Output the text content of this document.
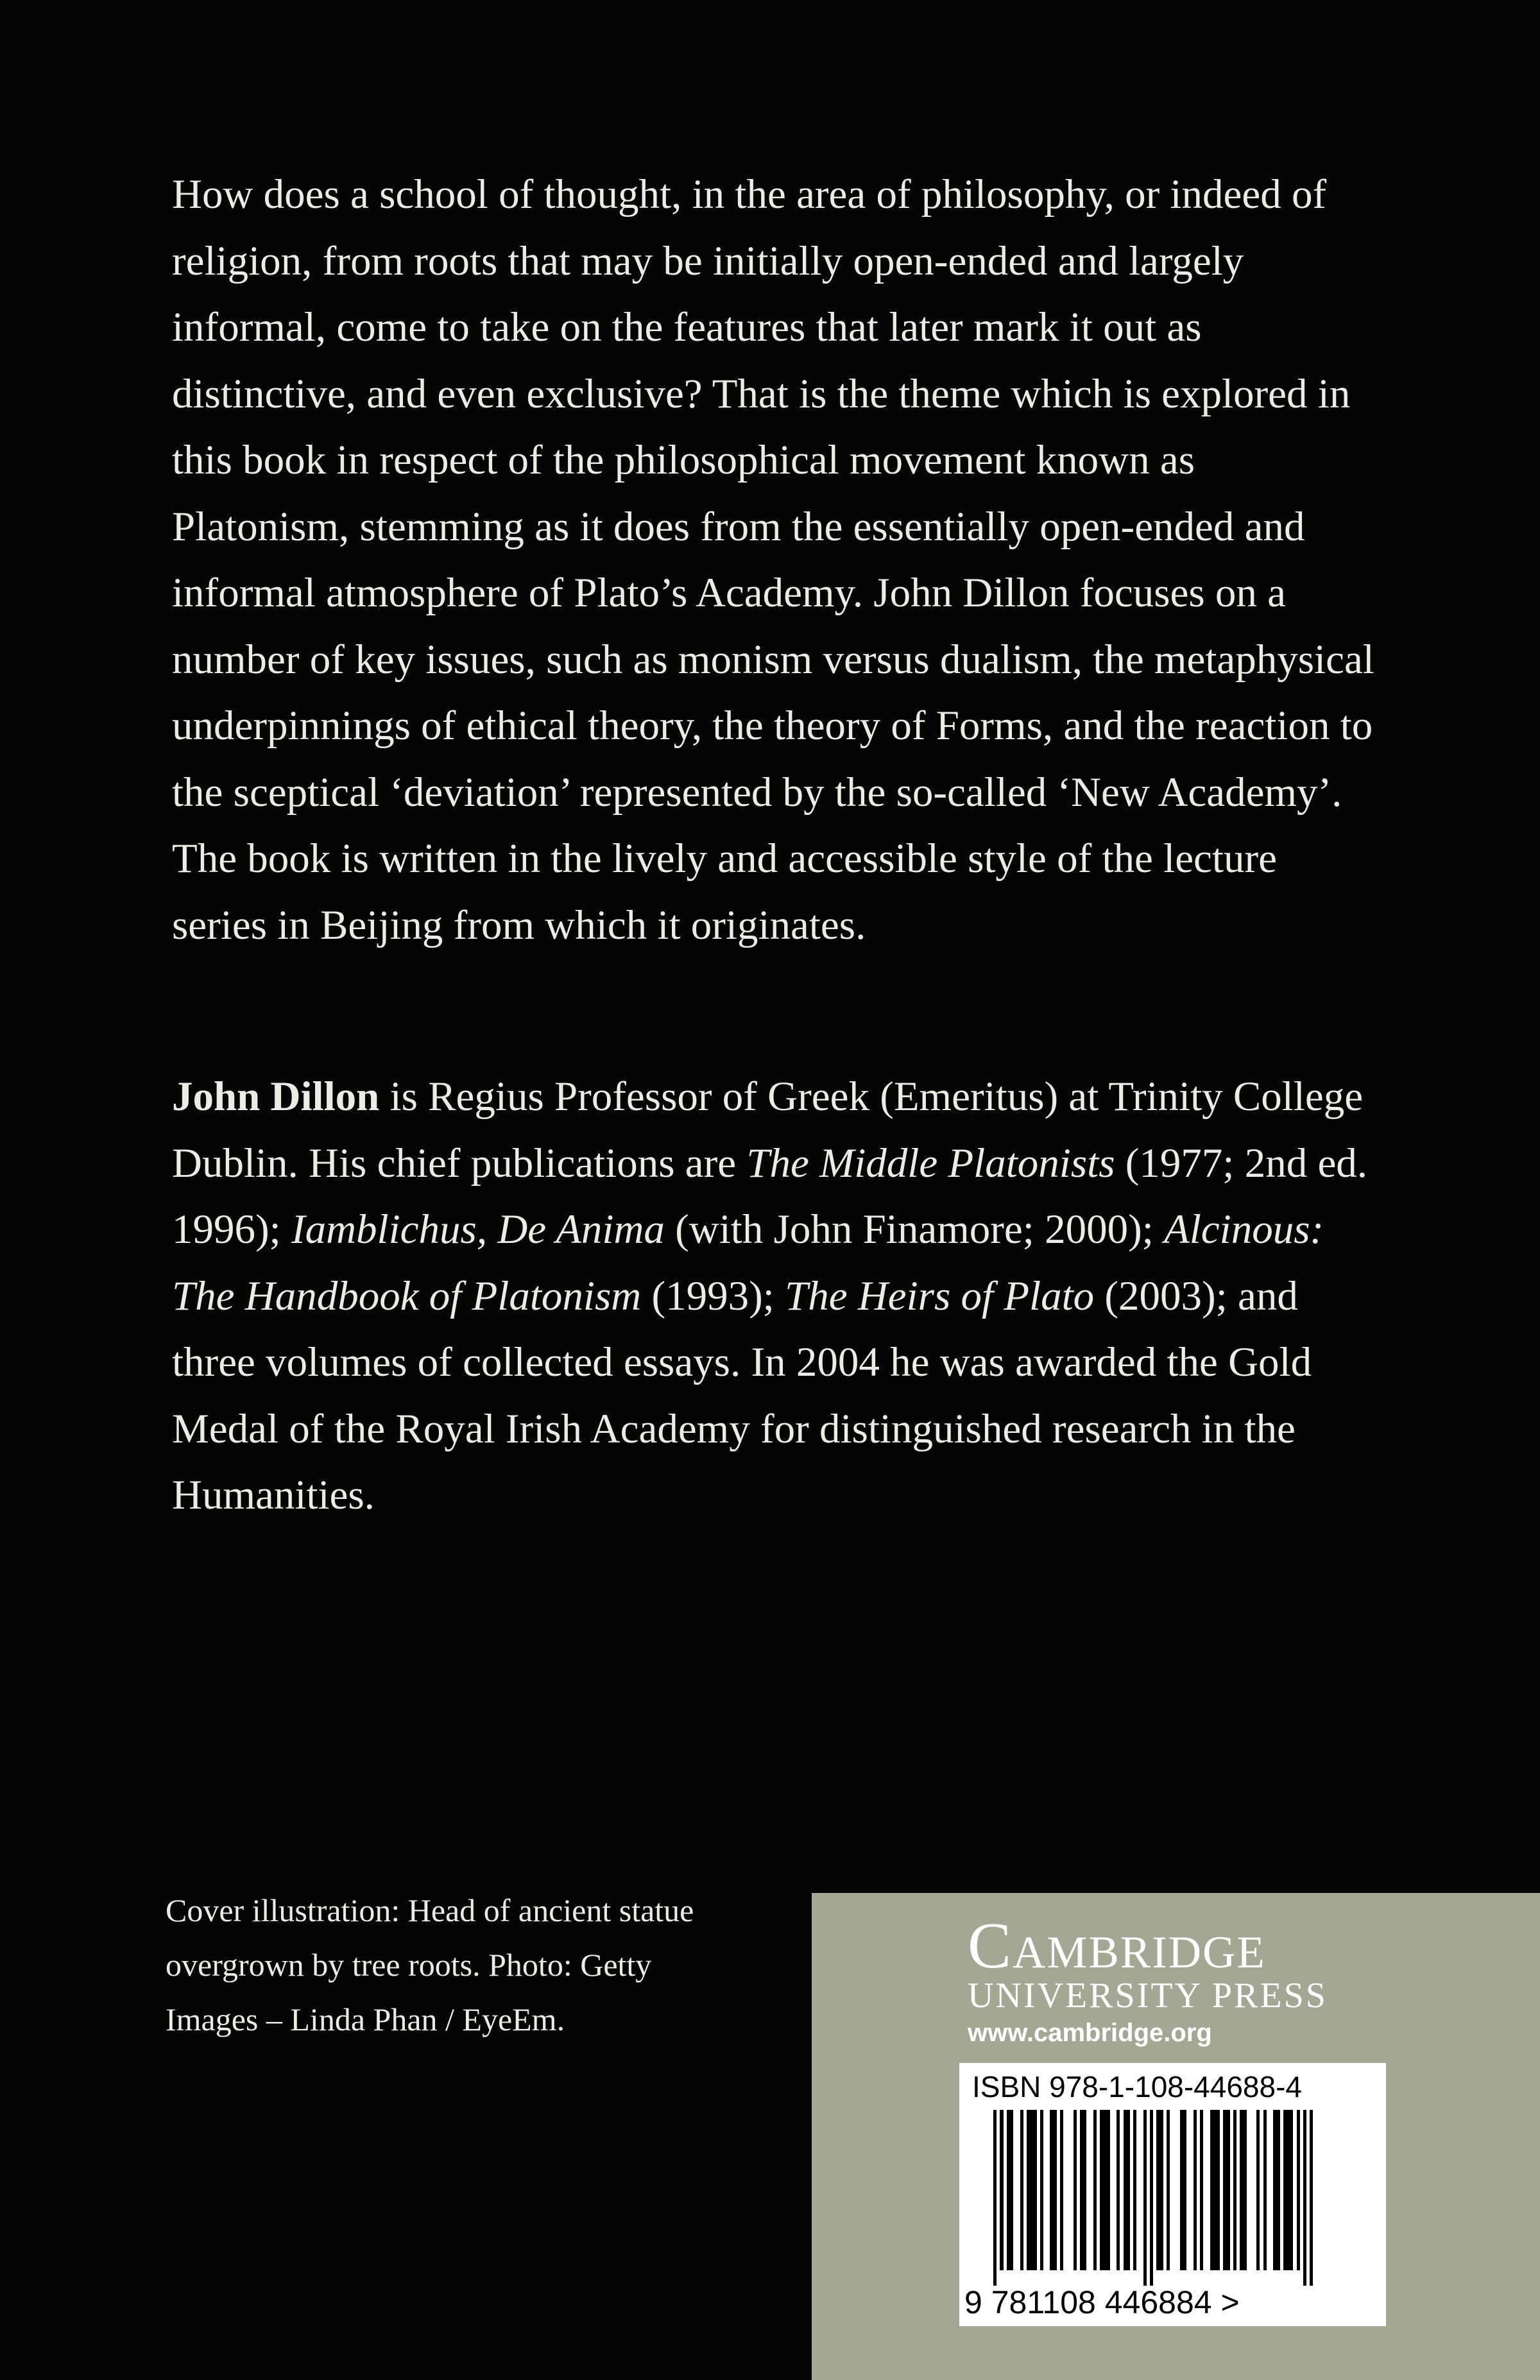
How does a school of thought, in the area of philosophy, or indeed of religion, from roots that may be initially open-ended and largely informal, come to take on the features that later mark it out as distinctive, and even exclusive? That is the theme which is explored in this book in respect of the philosophical movement known as Platonism, stemming as it does from the essentially open-ended and informal atmosphere of Plato’s Academy. John Dillon focuses on a number of key issues, such as monism versus dualism, the metaphysical underpinnings of ethical theory, the theory of Forms, and the reaction to the sceptical ‘deviation’ represented by the so-called ‘New Academy’. The book is written in the lively and accessible style of the lecture series in Beijing from which it originates.

John Dillon is Regius Professor of Greek (Emeritus) at Trinity College Dublin. His chief publications are The Middle Platonists (1977; 2nd ed. 1996); Iamblichus, De Anima (with John Finamore; 2000); Alcinous: The Handbook of Platonism (1993); The Heirs of Plato (2003); and three volumes of collected essays. In 2004 he was awarded the Gold Medal of the Royal Irish Academy for distinguished research in the Humanities.

Cover illustration: Head of ancient statue overgrown by tree roots. Photo: Getty Images – Linda Phan / EyeEm.

Cambridge
UNIVERSITY PRESS
www.cambridge.org
ISBN 978-1-108-44688-4
9 781108 446884 >
